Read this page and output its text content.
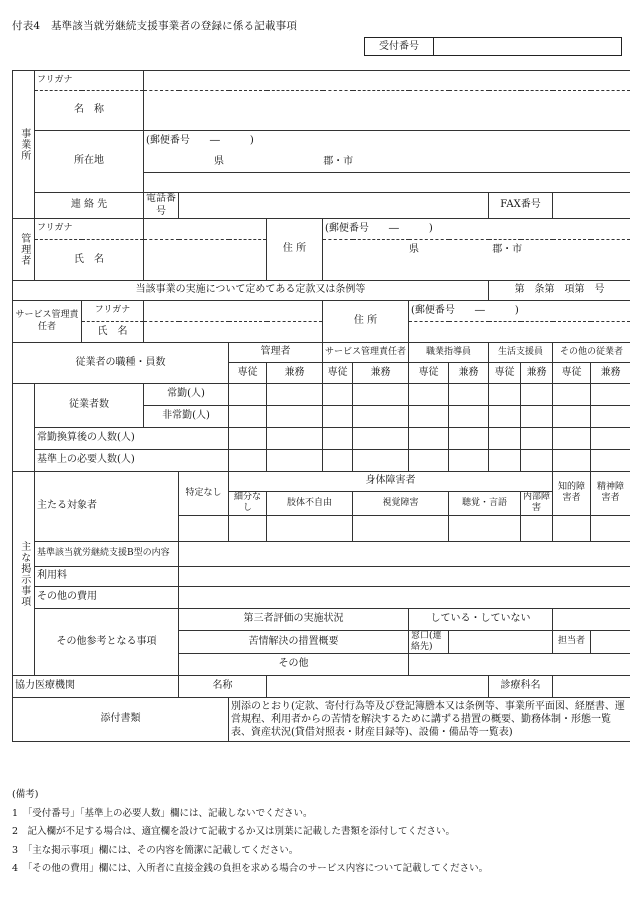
付表4　基準該当就労継続支援事業者の登録に係る記載事項
受付番号
事業所	フリガナ													
	名　称													
	所在地		(郵便番号　　―　　　)											
			県 郡・市											

	連 絡 先		電話番号								FAX番号			
管理者	フリガナ					住 所	(郵便番号　　―　　　)							
	氏　名						県 郡・市							

当該事業の実施について定めてある定款又は条例等											第　条第　項第　号			
サービス管理責任者		フリガナ					住 所		(郵便番号　　―　　　)					
		氏　名												
従業者の職種・員数					管理者		サービス管理責任者		職業指導員		生活支援員		その他の従業者	
					専従	兼務	専従	兼務	専従	兼務	専従	兼務	専従	兼務
	従業者数		常勤(人)											
			非常勤(人)											
	常勤換算後の人数(人)													
	基準上の必要人数(人)													
主な掲示事項	主たる対象者			特定なし	身体障害者								知的障害者	精神障害者
					細分なし	肢体不自由		視覚障害		聴覚・言語		内部障害		

	基準該当就労継続支援B型の内容													
	利用料													
	その他の費用													
	その他参考となる事項			第三者評価の実施状況					している・していない					
				苦情解決の措置概要					窓口(連絡先)				担当者	
				その他										
協力医療機関				名称							診療科名			
添付書類					別添のとおり(定款、寄付行為等及び登記簿謄本又は条例等、事業所平面図、経歴書、運営規程、利用者からの苦情を解決するために講ずる措置の概要、勤務体制・形態一覧表、資産状況(貸借対照表・財産目録等)、設備・備品等一覧表)									
(備考)
1　「受付番号」「基準上の必要人数」欄には、記載しないでください。
2　記入欄が不足する場合は、適宜欄を設けて記載するか又は別葉に記載した書類を添付してください。
3　「主な掲示事項」欄には、その内容を簡潔に記載してください。
4　「その他の費用」欄には、入所者に直接金銭の負担を求める場合のサービス内容について記載してください。
